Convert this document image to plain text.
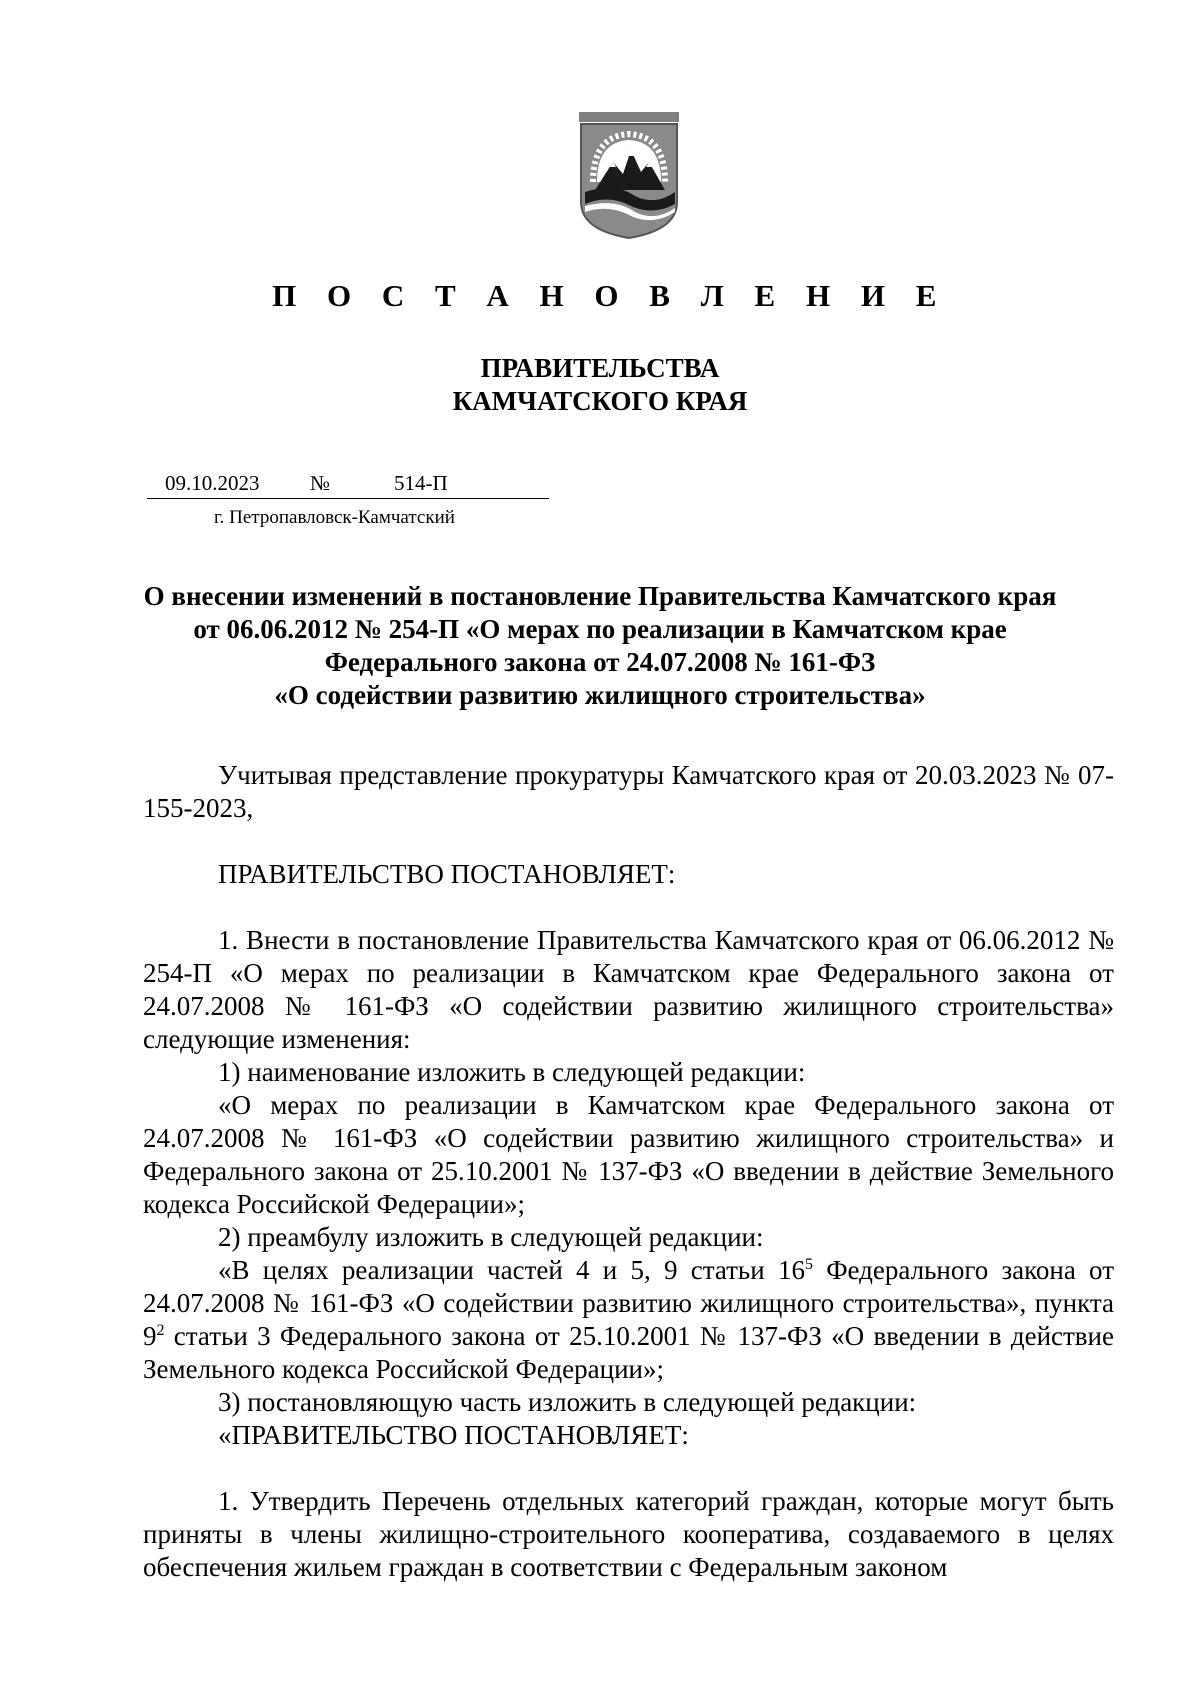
П О С Т А Н О В Л Е Н И Е
ПРАВИТЕЛЬСТВА
КАМЧАТСКОГО КРАЯ
09.10.2023 №	514-П
г. Петропавловск-Камчатский
О внесении изменений в постановление Правительства Камчатского края
от 06.06.2012 № 254-П «О мерах по реализации в Камчатском крае
Федерального закона от 24.07.2008 № 161-ФЗ
«О содействии развитию жилищного строительства»

Учитывая представление прокуратуры Камчатского края от 20.03.2023 № 07-155-2023,

ПРАВИТЕЛЬСТВО ПОСТАНОВЛЯЕТ:

1. Внести в постановление Правительства Камчатского края от 06.06.2012 № 254-П «О мерах по реализации в Камчатском крае Федерального закона от 24.07.2008 № 161-ФЗ «О содействии развитию жилищного строительства» следующие изменения:

1) наименование изложить в следующей редакции:

«О мерах по реализации в Камчатском крае Федерального закона от 24.07.2008 № 161-ФЗ «О содействии развитию жилищного строительства» и Федерального закона от 25.10.2001 № 137-ФЗ «О введении в действие Земельного кодекса Российской Федерации»;

2) преамбулу изложить в следующей редакции:

«В целях реализации частей 4 и 5, 9 статьи $16^5$ Федерального закона от 24.07.2008 № 161-ФЗ «О содействии развитию жилищного строительства», пункта $9^2$ статьи 3 Федерального закона от 25.10.2001 № 137-ФЗ «О введении в действие Земельного кодекса Российской Федерации»;

3) постановляющую часть изложить в следующей редакции:

«ПРАВИТЕЛЬСТВО ПОСТАНОВЛЯЕТ:

1. Утвердить Перечень отдельных категорий граждан, которые могут быть приняты в члены жилищно-строительного кооператива, создаваемого в целях обеспечения жильем граждан в соответствии с Федеральным законом
